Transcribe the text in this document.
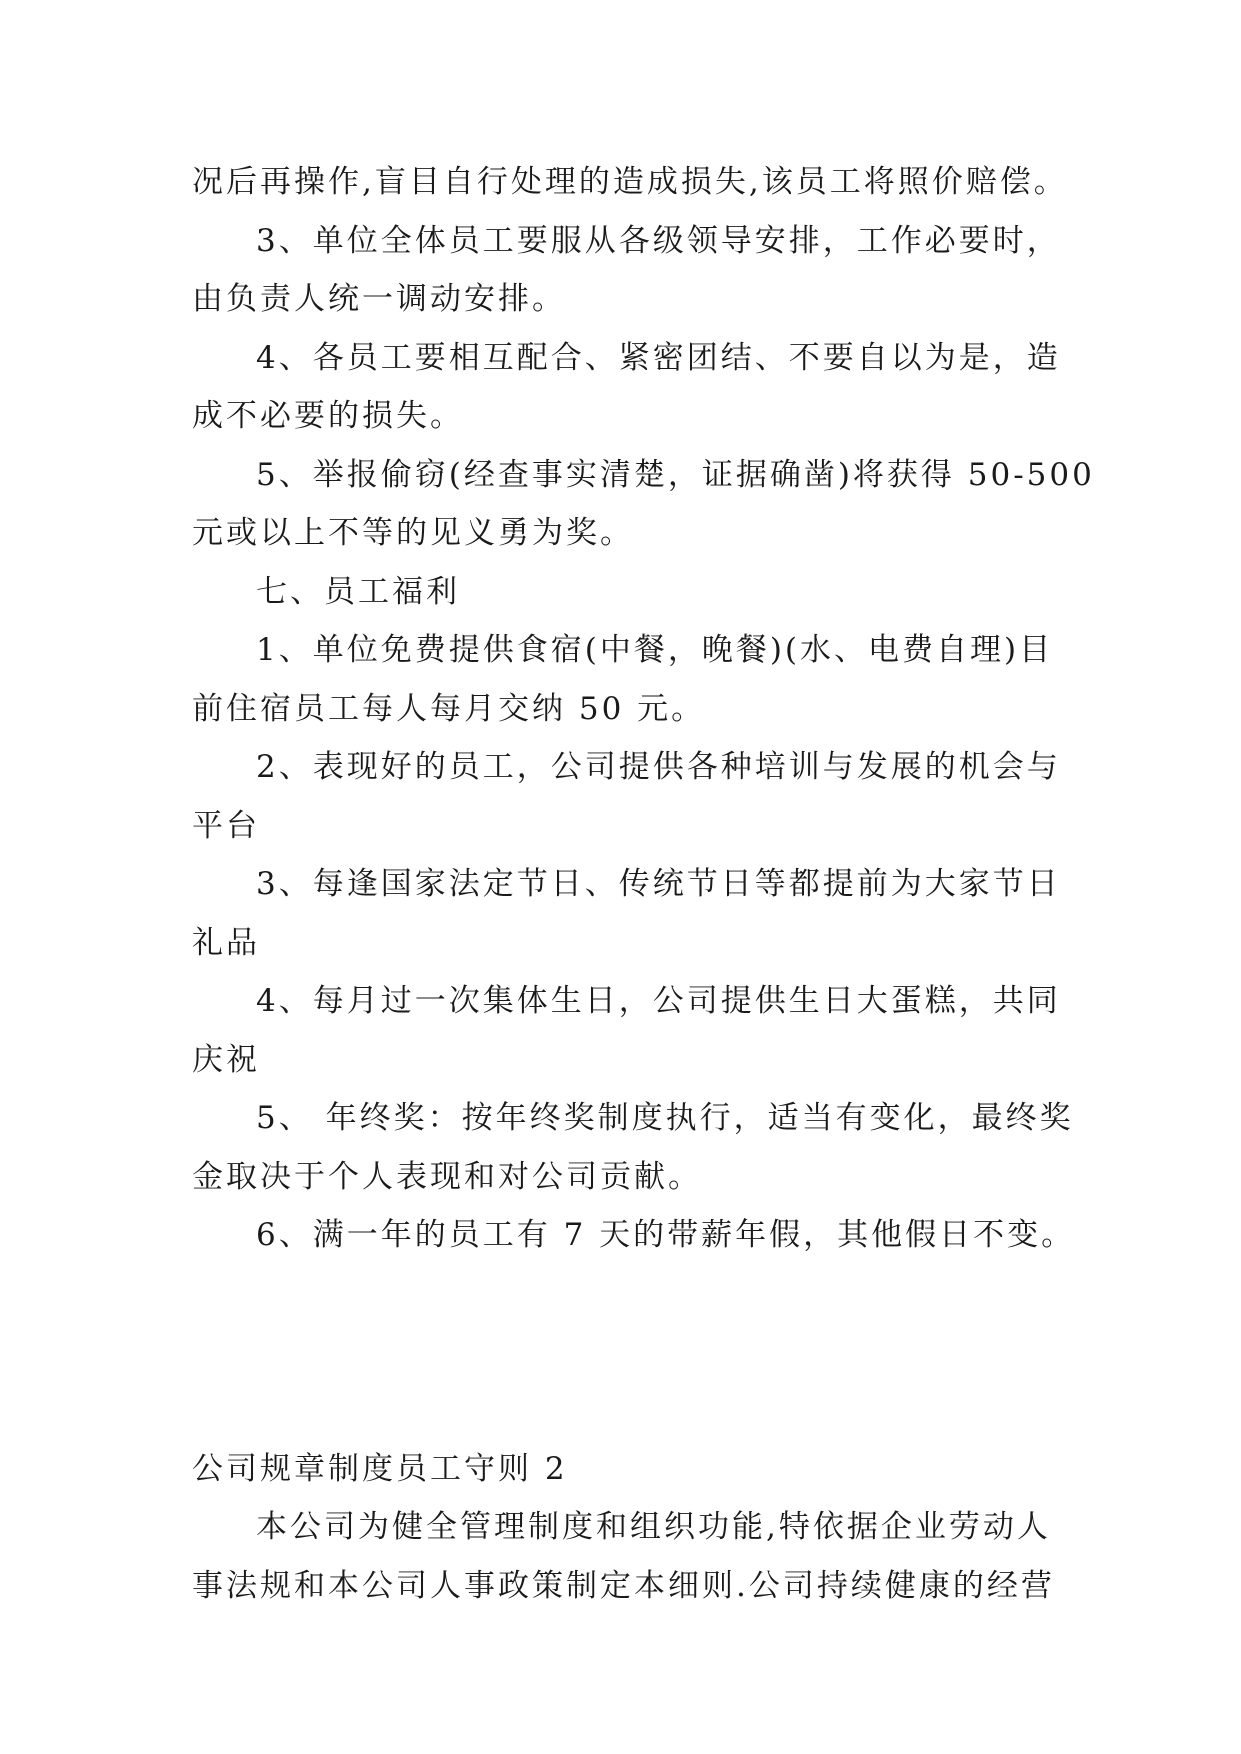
况后再操作,盲目自行处理的造成损失,该员工将照价赔偿。
3、单位全体员工要服从各级领导安排，工作必要时，
由负责人统一调动安排。
4、各员工要相互配合、紧密团结、不要自以为是，造
成不必要的损失。
5、举报偷窃(经查事实清楚，证据确凿)将获得 50-500
元或以上不等的见义勇为奖。
七、员工福利
1、单位免费提供食宿(中餐，晚餐)(水、电费自理)目
前住宿员工每人每月交纳 50 元。
2、表现好的员工，公司提供各种培训与发展的机会与
平台
3、每逢国家法定节日、传统节日等都提前为大家节日
礼品
4、每月过一次集体生日，公司提供生日大蛋糕，共同
庆祝
5、 年终奖：按年终奖制度执行，适当有变化，最终奖
金取决于个人表现和对公司贡献。
6、满一年的员工有 7 天的带薪年假，其他假日不变。
公司规章制度员工守则 2
本公司为健全管理制度和组织功能,特依据企业劳动人
事法规和本公司人事政策制定本细则.公司持续健康的经营
